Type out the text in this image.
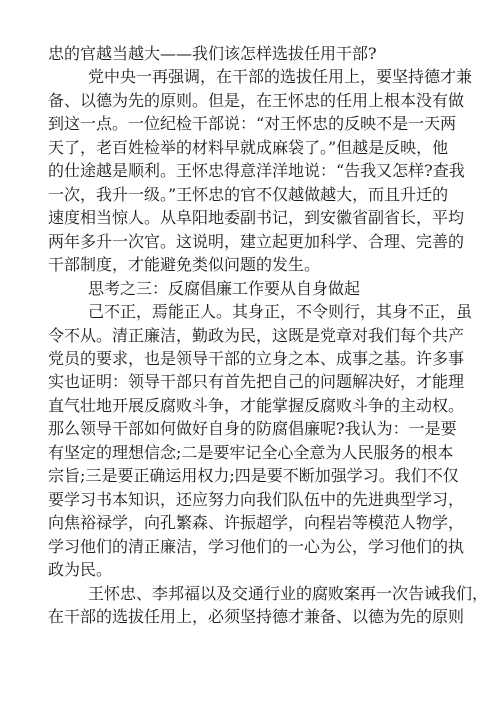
忠的官越当越大——我们该怎样选拔任用干部?
党中央一再强调，在干部的选拔任用上，要坚持德才兼
备、以德为先的原则。但是，在王怀忠的任用上根本没有做
到这一点。一位纪检干部说：“对王怀忠的反映不是一天两
天了，老百姓检举的材料早就成麻袋了。”但越是反映，他
的仕途越是顺利。王怀忠得意洋洋地说：“告我又怎样?查我
一次，我升一级。”王怀忠的官不仅越做越大，而且升迁的
速度相当惊人。从阜阳地委副书记，到安徽省副省长，平均
两年多升一次官。这说明，建立起更加科学、合理、完善的
干部制度，才能避免类似问题的发生。
思考之三：反腐倡廉工作要从自身做起
己不正，焉能正人。其身正，不令则行，其身不正，虽
令不从。清正廉洁，勤政为民，这既是党章对我们每个共产
党员的要求，也是领导干部的立身之本、成事之基。许多事
实也证明：领导干部只有首先把自己的问题解决好，才能理
直气壮地开展反腐败斗争，才能掌握反腐败斗争的主动权。
那么领导干部如何做好自身的防腐倡廉呢?我认为：一是要
有坚定的理想信念;二是要牢记全心全意为人民服务的根本
宗旨;三是要正确运用权力;四是要不断加强学习。我们不仅
要学习书本知识，还应努力向我们队伍中的先进典型学习，
向焦裕禄学，向孔繁森、许振超学，向程岩等模范人物学，
学习他们的清正廉洁，学习他们的一心为公，学习他们的执
政为民。
王怀忠、李邦福以及交通行业的腐败案再一次告诫我们，
在干部的选拔任用上，必须坚持德才兼备、以德为先的原则
